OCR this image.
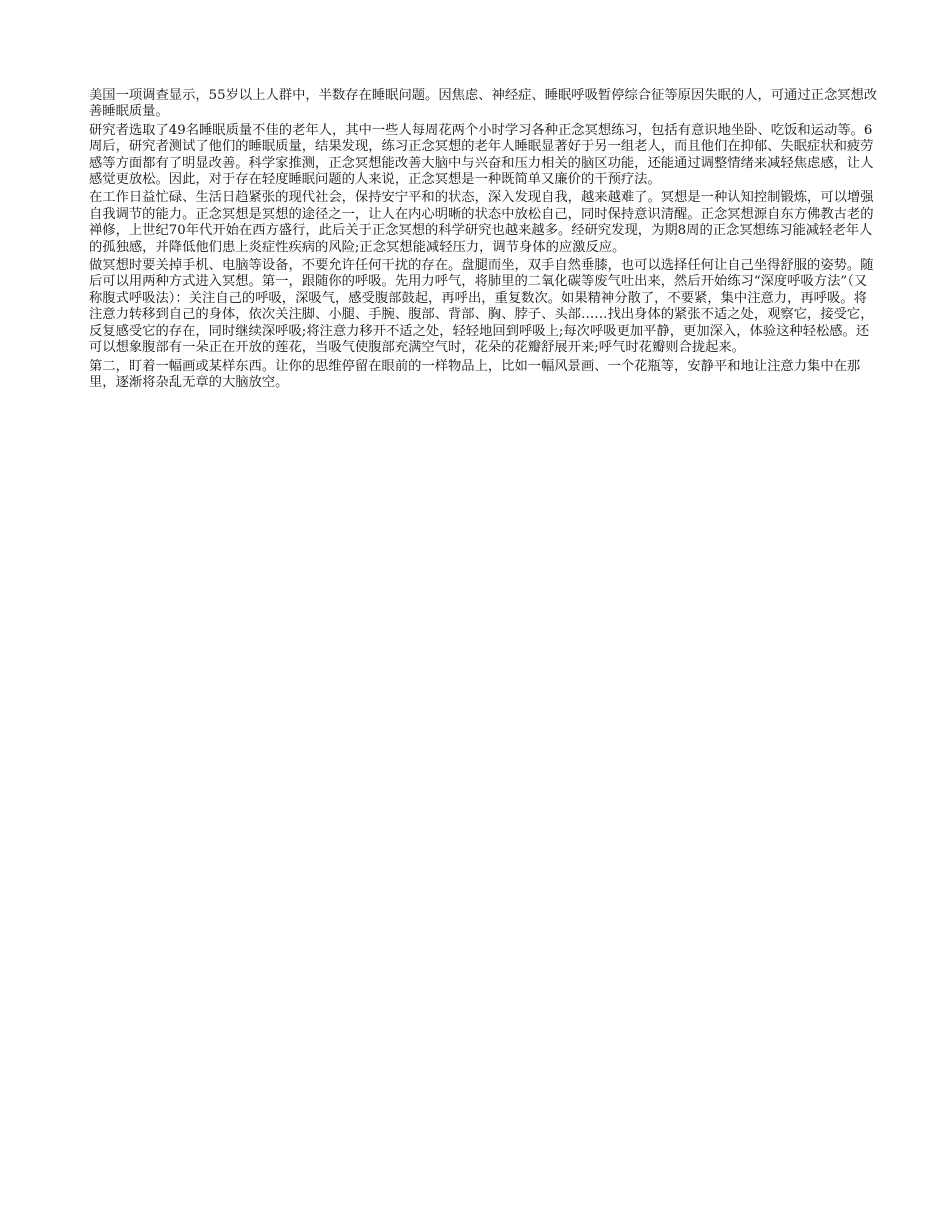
美国一项调查显示，55岁以上人群中，半数存在睡眠问题。因焦虑、神经症、睡眠呼吸暂停综合征等原因失眠的人，可通过正念冥想改善睡眠质量。

研究者选取了49名睡眠质量不佳的老年人，其中一些人每周花两个小时学习各种正念冥想练习，包括有意识地坐卧、吃饭和运动等。6周后，研究者测试了他们的睡眠质量，结果发现，练习正念冥想的老年人睡眠显著好于另一组老人，而且他们在抑郁、失眠症状和疲劳感等方面都有了明显改善。科学家推测，正念冥想能改善大脑中与兴奋和压力相关的脑区功能，还能通过调整情绪来减轻焦虑感，让人感觉更放松。因此，对于存在轻度睡眠问题的人来说，正念冥想是一种既简单又廉价的干预疗法。

在工作日益忙碌、生活日趋紧张的现代社会，保持安宁平和的状态，深入发现自我，越来越难了。冥想是一种认知控制锻炼，可以增强自我调节的能力。正念冥想是冥想的途径之一，让人在内心明晰的状态中放松自己，同时保持意识清醒。正念冥想源自东方佛教古老的禅修，上世纪70年代开始在西方盛行，此后关于正念冥想的科学研究也越来越多。经研究发现，为期8周的正念冥想练习能减轻老年人的孤独感，并降低他们患上炎症性疾病的风险;正念冥想能减轻压力，调节身体的应激反应。

做冥想时要关掉手机、电脑等设备，不要允许任何干扰的存在。盘腿而坐，双手自然垂膝，也可以选择任何让自己坐得舒服的姿势。随后可以用两种方式进入冥想。第一，跟随你的呼吸。先用力呼气，将肺里的二氧化碳等废气吐出来，然后开始练习“深度呼吸方法”（又称腹式呼吸法）：关注自己的呼吸，深吸气，感受腹部鼓起，再呼出，重复数次。如果精神分散了，不要紧，集中注意力，再呼吸。将注意力转移到自己的身体，依次关注脚、小腿、手腕、腹部、背部、胸、脖子、头部……找出身体的紧张不适之处，观察它，接受它，反复感受它的存在，同时继续深呼吸;将注意力移开不适之处，轻轻地回到呼吸上;每次呼吸更加平静，更加深入，体验这种轻松感。还可以想象腹部有一朵正在开放的莲花，当吸气使腹部充满空气时，花朵的花瓣舒展开来;呼气时花瓣则合拢起来。

第二，盯着一幅画或某样东西。让你的思维停留在眼前的一样物品上，比如一幅风景画、一个花瓶等，安静平和地让注意力集中在那里，逐渐将杂乱无章的大脑放空。
